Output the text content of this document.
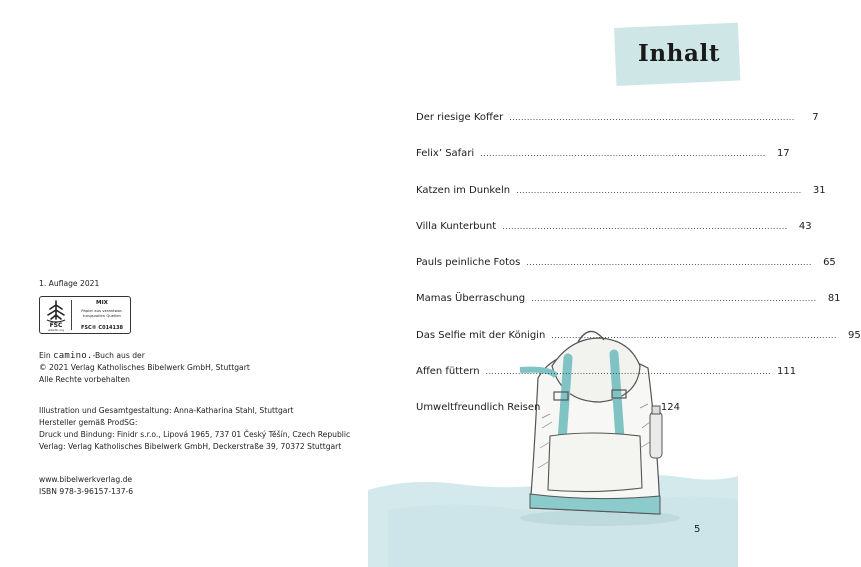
1. Auflage 2021
FSC
www.fsc.org
MIX
Papier aus verantwor-
tungsvollen Quellen
FSC® C014138
Ein camino.-Buch aus der
© 2021 Verlag Katholisches Bibelwerk GmbH, Stuttgart
Alle Rechte vorbehalten
Illustration und Gesamtgestaltung: Anna-Katharina Stahl, Stuttgart
Hersteller gemäß ProdSG:
Druck und Bindung: Finidr s.r.o., Lipová 1965, 737 01 Český Těšín, Czech Republic
Verlag: Verlag Katholisches Bibelwerk GmbH, Deckerstraße 39, 70372 Stuttgart
www.bibelwerkverlag.de
ISBN 978-3-96157-137-6
Inhalt
Der riesige Koffer .................................................................................................	7
Felix’ Safari .................................................................................................	17
Katzen im Dunkeln .................................................................................................	31
Villa Kunterbunt .................................................................................................	43
Pauls peinliche Fotos .................................................................................................	65
Mamas Überraschung .................................................................................................	81
Das Selfie mit der Königin .................................................................................................	95
Affen füttern ................................................................................................. 111
Umweltfreundlich Reisen	124
5
